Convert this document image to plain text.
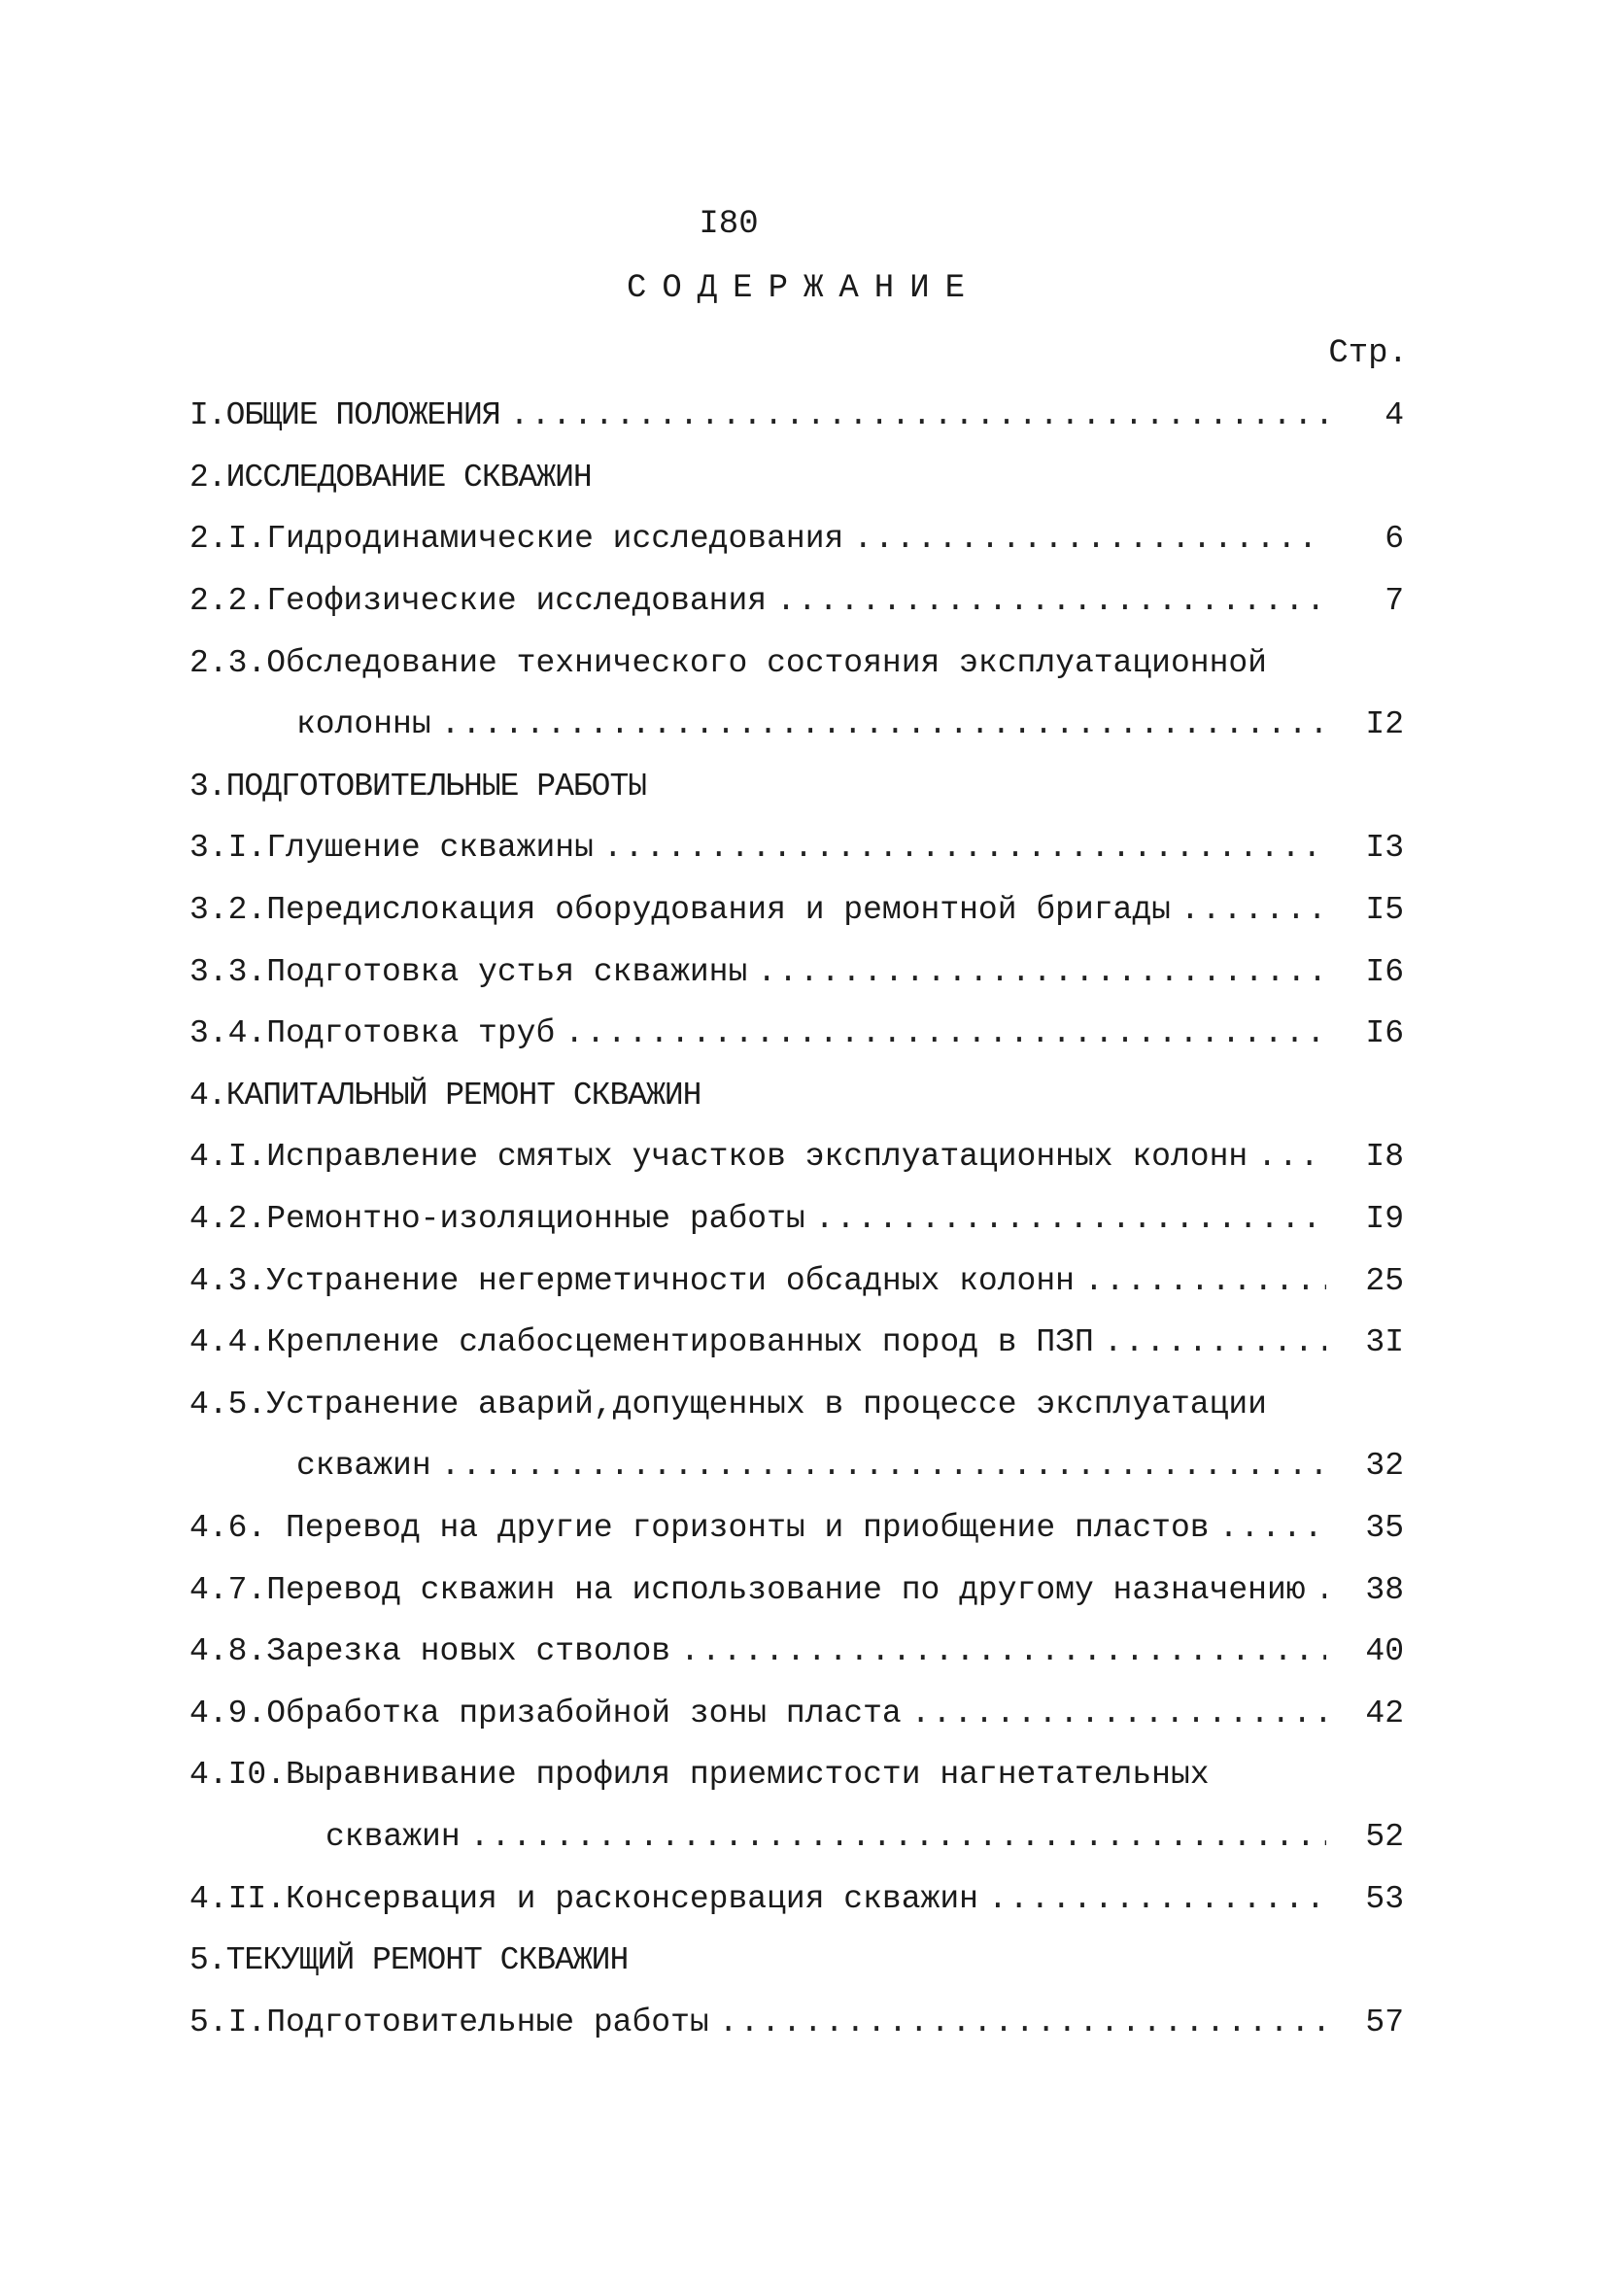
I80
СОДЕРЖАНИЕ
Стр.
I.ОБЩИЕ ПОЛОЖЕНИЯ .....	4
2.ИССЛЕДОВАНИЕ СКВАЖИН
2.I.Гидродинамические исследования .....	6
2.2.Геофизические исследования .....	7
2.3.Обследование технического состояния эксплуатационной
колонны .....	I2
3.ПОДГОТОВИТЕЛЬНЫЕ РАБОТЫ
3.I.Глушение скважины .....	I3
3.2.Передислокация оборудования и ремонтной бригады .....	I5
3.3.Подготовка устья скважины .....	I6
3.4.Подготовка труб .....	I6
4.КАПИТАЛЬНЫЙ РЕМОНТ СКВАЖИН
4.I.Исправление смятых участков эксплуатационных колонн .....	I8
4.2.Ремонтно-изоляционные работы .....	I9
4.3.Устранение негерметичности обсадных колонн .....	25
4.4.Крепление слабосцементированных пород в ПЗП .....	3I
4.5.Устранение аварий,допущенных в процессе эксплуатации
скважин .....	32
4.6. Перевод на другие горизонты и приобщение пластов .....	35
4.7.Перевод скважин на использование по другому назначению .....	38
4.8.Зарезка новых стволов .....	40
4.9.Обработка призабойной зоны пласта .....	42
4.I0.Выравнивание профиля приемистости нагнетательных
скважин .....	52
4.II.Консервация и расконсервация скважин .....	53
5.ТЕКУЩИЙ РЕМОНТ СКВАЖИН
5.I.Подготовительные работы .....	57
